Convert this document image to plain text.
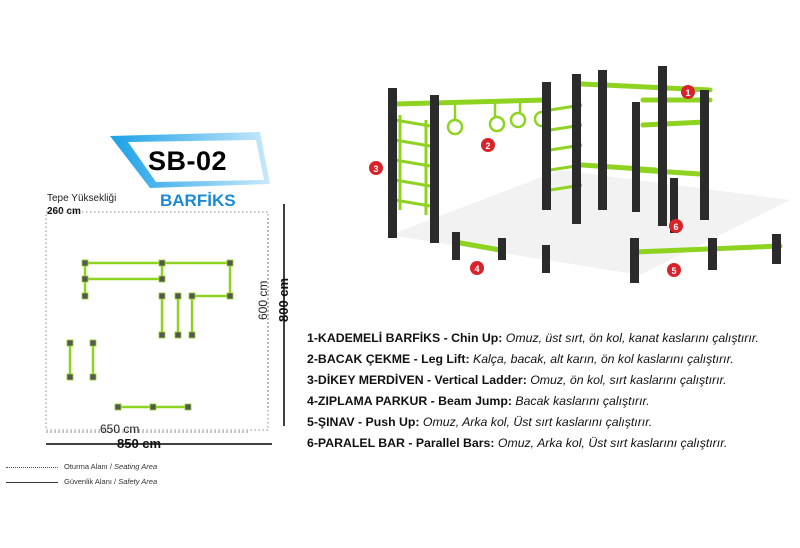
SB-02
BARFİKS
Tepe Yüksekliği
260 cm
650 cm
850 cm
600 cm 800 cm
Oturma Alanı / Seating Area
Güvenlik Alanı / Safety Area
1
2
3
4	5
6
1-KADEMELİ BARFİKS - Chin Up: Omuz, üst sırt, ön kol, kanat kaslarını çalıştırır.
2-BACAK ÇEKME - Leg Lift: Kalça, bacak, alt karın, ön kol kaslarını çalıştırır.
3-DİKEY MERDİVEN - Vertical Ladder: Omuz, ön kol, sırt kaslarını çalıştırır.
4-ZIPLAMA PARKUR - Beam Jump: Bacak kaslarını çalıştırır.
5-ŞINAV - Push Up: Omuz, Arka kol, Üst sırt kaslarını çalıştırır.
6-PARALEL BAR - Parallel Bars: Omuz, Arka kol, Üst sırt kaslarını çalıştırır.
